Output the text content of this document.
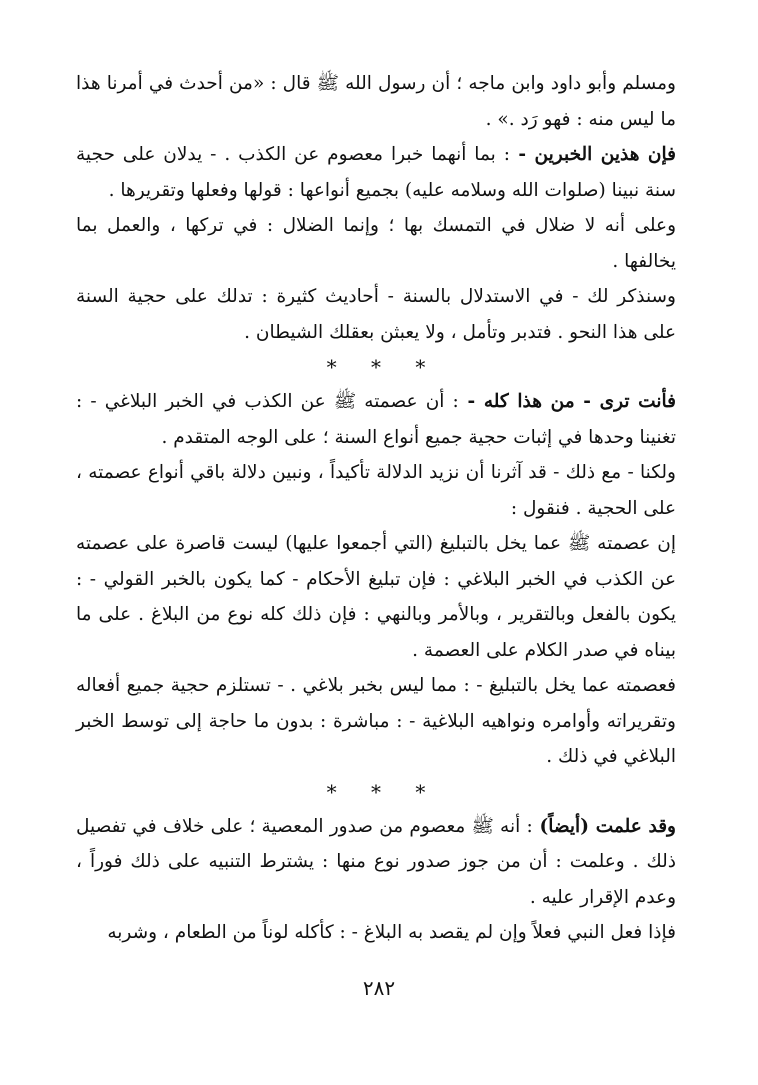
ومسلم وأبو داود وابن ماجه ؛ أن رسول الله ﷺ قال : «من أحدث في أمرنا هذا ما ليس منه : فهو رَد .» .

فإن هذين الخبرين - : بما أنهما خبرا معصوم عن الكذب . - يدلان على حجية سنة نبينا (صلوات الله وسلامه عليه) بجميع أنواعها : قولها وفعلها وتقريرها .

وعلى أنه لا ضلال في التمسك بها ؛ وإنما الضلال : في تركها ، والعمل بما يخالفها .

وسنذكر لك - في الاستدلال بالسنة - أحاديث كثيرة : تدلك على حجية السنة على هذا النحو . فتدبر وتأمل ، ولا يعبثن بعقلك الشيطان .

* * *

فأنت ترى - من هذا كله - : أن عصمته ﷺ عن الكذب في الخبر البلاغي - : تغنينا وحدها في إثبات حجية جميع أنواع السنة ؛ على الوجه المتقدم .

ولكنا - مع ذلك - قد آثرنا أن نزيد الدلالة تأكيداً ، ونبين دلالة باقي أنواع عصمته ، على الحجية . فنقول :

إن عصمته ﷺ عما يخل بالتبليغ (التي أجمعوا عليها) ليست قاصرة على عصمته عن الكذب في الخبر البلاغي : فإن تبليغ الأحكام - كما يكون بالخبر القولي - : يكون بالفعل وبالتقرير ، وبالأمر وبالنهي : فإن ذلك كله نوع من البلاغ . على ما بيناه في صدر الكلام على العصمة .

فعصمته عما يخل بالتبليغ - : مما ليس بخبر بلاغي . - تستلزم حجية جميع أفعاله وتقريراته وأوامره ونواهيه البلاغية - : مباشرة : بدون ما حاجة إلى توسط الخبر البلاغي في ذلك .

* * *

وقد علمت (أيضاً) : أنه ﷺ معصوم من صدور المعصية ؛ على خلاف في تفصيل ذلك . وعلمت : أن من جوز صدور نوع منها : يشترط التنبيه على ذلك فوراً ، وعدم الإقرار عليه .

فإذا فعل النبي فعلاً وإن لم يقصد به البلاغ - : كأكله لوناً من الطعام ، وشربه

٢٨٢
